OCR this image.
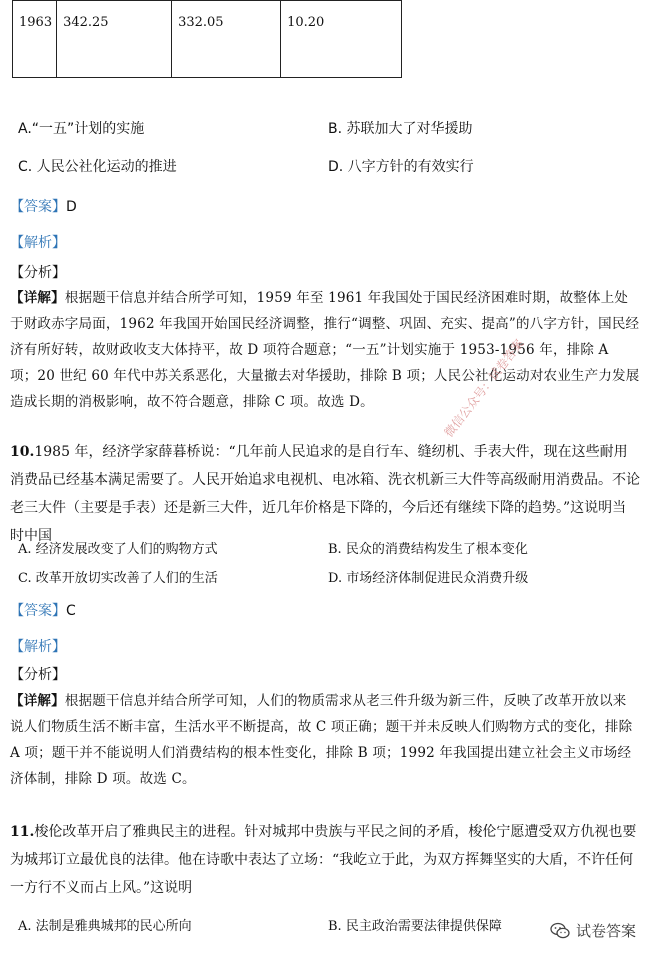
1963	342.25	332.05	10.20
A.“一五”计划的实施	B. 苏联加大了对华援助
C. 人民公社化运动的推进	D. 八字方针的有效实行
【答案】D
【解析】
【分析】
【详解】根据题干信息并结合所学可知，1959 年至 1961 年我国处于国民经济困难时期，故整体上处于财政赤字局面，1962 年我国开始国民经济调整，推行“调整、巩固、充实、提高”的八字方针，国民经济有所好转，故财政收支大体持平，故 D 项符合题意；“一五”计划实施于 1953-1956 年，排除 A 项；20 世纪 60 年代中苏关系恶化，大量撤去对华援助，排除 B 项；人民公社化运动对农业生产力发展造成长期的消极影响，故不符合题意，排除 C 项。故选 D。
10.1985 年，经济学家薛暮桥说：“几年前人民追求的是自行车、缝纫机、手表大件，现在这些耐用消费品已经基本满足需要了。人民开始追求电视机、电冰箱、洗衣机新三大件等高级耐用消费品。不论老三大件（主要是手表）还是新三大件，近几年价格是下降的，今后还有继续下降的趋势。”这说明当时中国
A. 经济发展改变了人们的购物方式	B. 民众的消费结构发生了根本变化
C. 改革开放切实改善了人们的生活	D. 市场经济体制促进民众消费升级
【答案】C
【解析】
【分析】
【详解】根据题干信息并结合所学可知，人们的物质需求从老三件升级为新三件，反映了改革开放以来说人们物质生活不断丰富，生活水平不断提高，故 C 项正确；题干并未反映人们购物方式的变化，排除 A 项；题干并不能说明人们消费结构的根本性变化，排除 B 项；1992 年我国提出建立社会主义市场经济体制，排除 D 项。故选 C。
11.梭伦改革开启了雅典民主的进程。针对城邦中贵族与平民之间的矛盾，梭伦宁愿遭受双方仇视也要为城邦订立最优良的法律。他在诗歌中表达了立场：“我屹立于此，为双方挥舞坚实的大盾，不许任何一方行不义而占上风。”这说明
A. 法制是雅典城邦的民心所向	B. 民主政治需要法律提供保障
微信公众号：试卷答案
试卷答案
